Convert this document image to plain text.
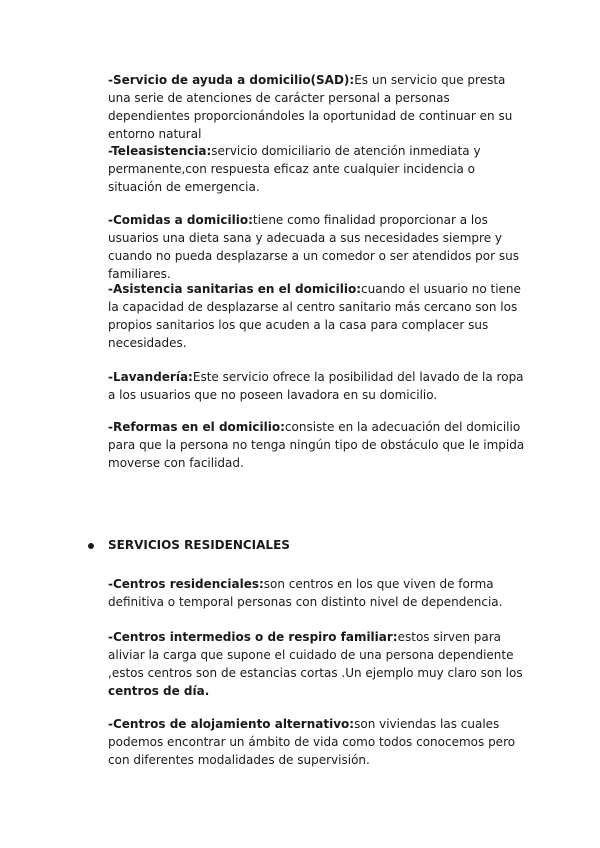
-Servicio de ayuda a domicilio(SAD):Es un servicio que presta una serie de atenciones de carácter personal a personas dependientes proporcionándoles la oportunidad de continuar en su entorno natural

-Teleasistencia:servicio domiciliario de atención inmediata y permanente,con respuesta eficaz ante cualquier incidencia o situación de emergencia.

-Comidas a domicilio:tiene como finalidad proporcionar a los usuarios una dieta sana y adecuada a sus necesidades siempre y cuando no pueda desplazarse a un comedor o ser atendidos por sus familiares.

-Asistencia sanitarias en el domicilio:cuando el usuario no tiene la capacidad de desplazarse al centro sanitario más cercano son los propios sanitarios los que acuden a la casa para complacer sus necesidades.

-Lavandería:Este servicio ofrece la posibilidad del lavado de la ropa a los usuarios que no poseen lavadora en su domicilio.

-Reformas en el domicilio:consiste en la adecuación del domicilio para que la persona no tenga ningún tipo de obstáculo que le impida moverse con facilidad.

SERVICIOS RESIDENCIALES

-Centros residenciales:son centros en los que viven de forma definitiva o temporal personas con distinto nivel de dependencia.

-Centros intermedios o de respiro familiar:estos sirven para aliviar la carga que supone el cuidado de una persona dependiente ,estos centros son de estancias cortas .Un ejemplo muy claro son los centros de día.

-Centros de alojamiento alternativo:son viviendas las cuales podemos encontrar un ámbito de vida como todos conocemos pero con diferentes modalidades de supervisión.
